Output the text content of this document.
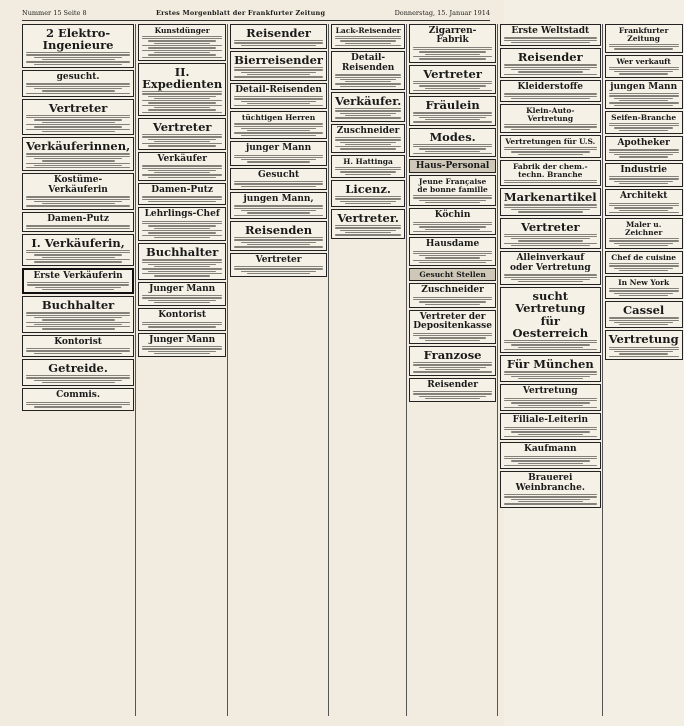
Nummer 15 Seite 8	Erstes Morgenblatt der Frankfurter Zeitung	Donnerstag, 15. Januar 1914
2 Elektro-Ingenieure
gesucht.
Vertreter
Verkäuferinnen,
Kostüme-Verkäuferin
Damen-Putz
I. Verkäuferin,
Erste Verkäuferin
Buchhalter
Kontorist
Getreide.
Commis.
Kunstdünger
II. Expedienten
Vertreter
Verkäufer
Damen-Putz
Lehrlings-Chef
Buchhalter
Junger Mann
Kontorist
Junger Mann
Reisender
Bierreisender
Detail-Reisenden
tüchtigen Herren
junger Mann
Gesucht
jungen Mann,
Reisenden
Vertreter
Lack-Reisender
Detail-Reisenden
Verkäufer.
Zuschneider
H. Hattinga
Licenz.
Vertreter.
Zigarren-Fabrik
Vertreter
Fräulein
Modes.
Haus-Personal
Jeune Française de bonne famille
Köchin
Hausdame
Gesucht Stellen
Zuschneider
Vertreter der Depositenkasse
Franzose
Reisender
Erste Weltstadt
Reisender
Kleiderstoffe
Klein-Auto-Vertretung
Vertretungen für U.S.
Fabrik der chem.-techn. Branche
Markenartikel
Vertreter
Alleinverkauf oder Vertretung
sucht Vertretung für Oesterreich
Für München
Vertretung
Filiale-Leiterin
Kaufmann
Brauerei Weinbranche.
Frankfurter Zeitung
Wer verkauft
jungen Mann
Seifen-Branche
Apotheker
Industrie
Architekt
Maler u. Zeichner
Chef de cuisine
In New York
Cassel
Vertretung
